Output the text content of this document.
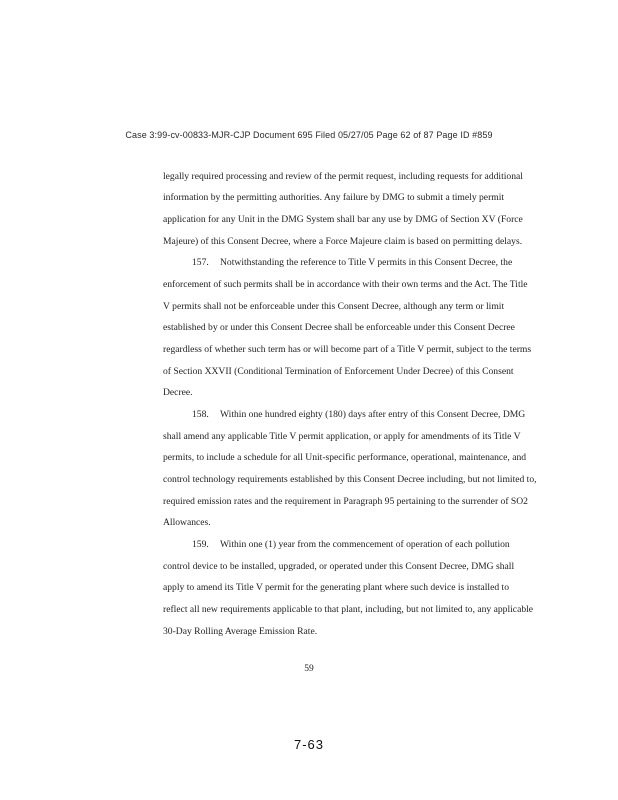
Case 3:99-cv-00833-MJR-CJP Document 695 Filed 05/27/05 Page 62 of 87 Page ID #859
legally required processing and review of the permit request, including requests for additional
information by the permitting authorities. Any failure by DMG to submit a timely permit
application for any Unit in the DMG System shall bar any use by DMG of Section XV (Force
Majeure) of this Consent Decree, where a Force Majeure claim is based on permitting delays.
157. Notwithstanding the reference to Title V permits in this Consent Decree, the
enforcement of such permits shall be in accordance with their own terms and the Act. The Title
V permits shall not be enforceable under this Consent Decree, although any term or limit
established by or under this Consent Decree shall be enforceable under this Consent Decree
regardless of whether such term has or will become part of a Title V permit, subject to the terms
of Section XXVII (Conditional Termination of Enforcement Under Decree) of this Consent
Decree.
158. Within one hundred eighty (180) days after entry of this Consent Decree, DMG
shall amend any applicable Title V permit application, or apply for amendments of its Title V
permits, to include a schedule for all Unit-specific performance, operational, maintenance, and
control technology requirements established by this Consent Decree including, but not limited to,
required emission rates and the requirement in Paragraph 95 pertaining to the surrender of SO2
Allowances.
159. Within one (1) year from the commencement of operation of each pollution
control device to be installed, upgraded, or operated under this Consent Decree, DMG shall
apply to amend its Title V permit for the generating plant where such device is installed to
reflect all new requirements applicable to that plant, including, but not limited to, any applicable
30-Day Rolling Average Emission Rate.
59
7-63
